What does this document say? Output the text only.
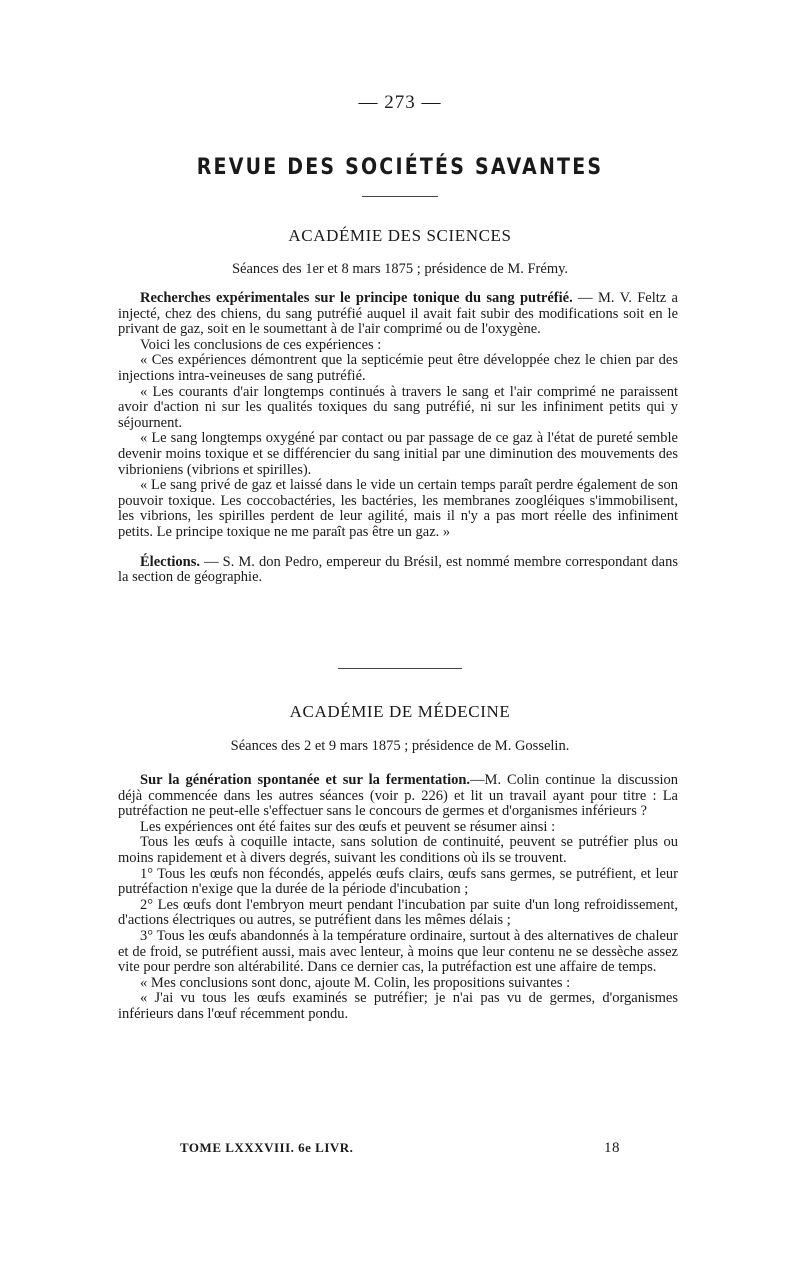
— 273 —
REVUE DES SOCIÉTÉS SAVANTES
ACADÉMIE DES SCIENCES
Séances des 1er et 8 mars 1875 ; présidence de M. Frémy.

Recherches expérimentales sur le principe tonique du sang putréfié. — M. V. Feltz a injecté, chez des chiens, du sang putréfié auquel il avait fait subir des modifications soit en le privant de gaz, soit en le soumettant à de l'air comprimé ou de l'oxygène.

Voici les conclusions de ces expériences :

« Ces expériences démontrent que la septicémie peut être développée chez le chien par des injections intra-veineuses de sang putréfié.

« Les courants d'air longtemps continués à travers le sang et l'air comprimé ne paraissent avoir d'action ni sur les qualités toxiques du sang putréfié, ni sur les infiniment petits qui y séjournent.

« Le sang longtemps oxygéné par contact ou par passage de ce gaz à l'état de pureté semble devenir moins toxique et se différencier du sang initial par une diminution des mouvements des vibrioniens (vibrions et spirilles).

« Le sang privé de gaz et laissé dans le vide un certain temps paraît perdre également de son pouvoir toxique. Les coccobactéries, les bactéries, les membranes zoogléiques s'immobilisent, les vibrions, les spirilles perdent de leur agilité, mais il n'y a pas mort réelle des infiniment petits. Le principe toxique ne me paraît pas être un gaz. »

Élections. — S. M. don Pedro, empereur du Brésil, est nommé membre correspondant dans la section de géographie.

ACADÉMIE DE MÉDECINE
Séances des 2 et 9 mars 1875 ; présidence de M. Gosselin.

Sur la génération spontanée et sur la fermentation.—M. Colin continue la discussion déjà commencée dans les autres séances (voir p. 226) et lit un travail ayant pour titre : La putréfaction ne peut-elle s'effectuer sans le concours de germes et d'organismes inférieurs ?

Les expériences ont été faites sur des œufs et peuvent se résumer ainsi :

Tous les œufs à coquille intacte, sans solution de continuité, peuvent se putréfier plus ou moins rapidement et à divers degrés, suivant les conditions où ils se trouvent.

1° Tous les œufs non fécondés, appelés œufs clairs, œufs sans germes, se putréfient, et leur putréfaction n'exige que la durée de la période d'incubation ;

2° Les œufs dont l'embryon meurt pendant l'incubation par suite d'un long refroidissement, d'actions électriques ou autres, se putréfient dans les mêmes délais ;

3° Tous les œufs abandonnés à la température ordinaire, surtout à des alternatives de chaleur et de froid, se putréfient aussi, mais avec lenteur, à moins que leur contenu ne se dessèche assez vite pour perdre son altérabilité. Dans ce dernier cas, la putréfaction est une affaire de temps.

« Mes conclusions sont donc, ajoute M. Colin, les propositions suivantes :

« J'ai vu tous les œufs examinés se putréfier; je n'ai pas vu de germes, d'organismes inférieurs dans l'œuf récemment pondu.

TOME LXXXVIII. 6e LIVR.	18
